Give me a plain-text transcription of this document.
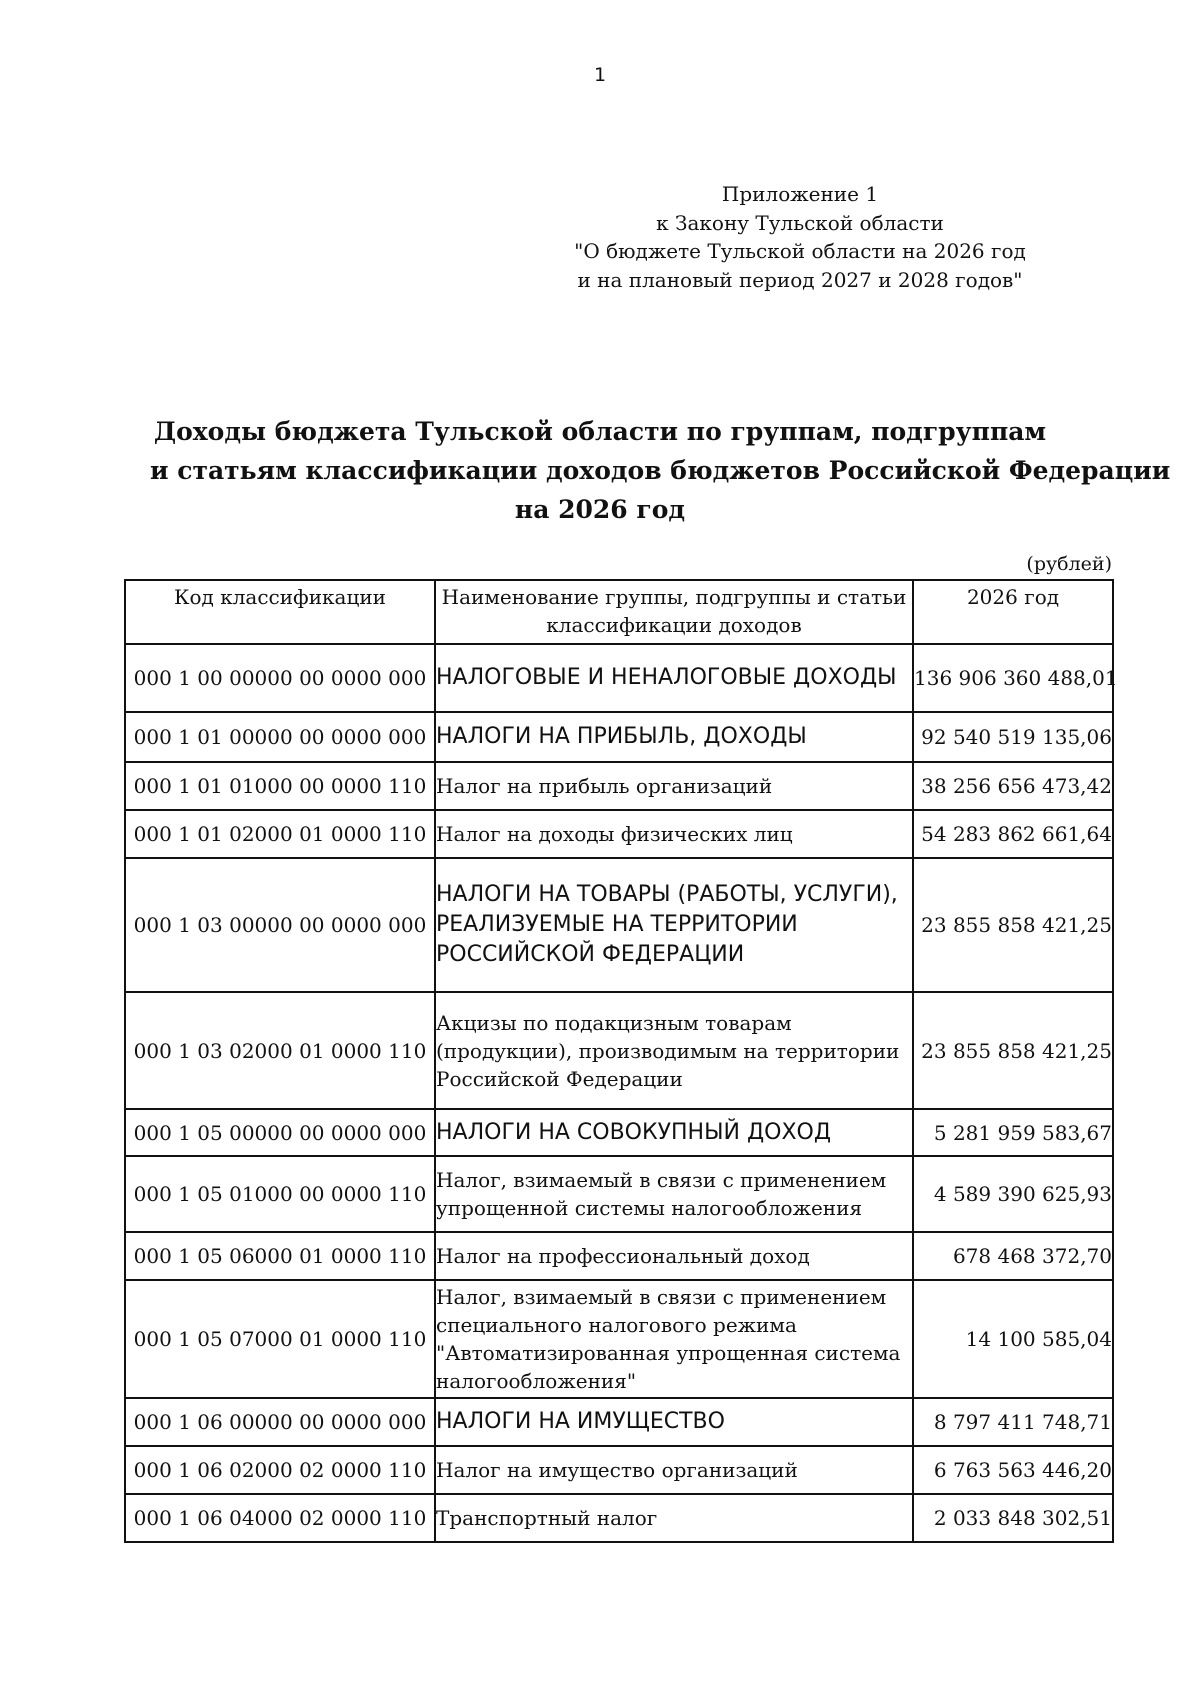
1
Приложение 1
к Закону Тульской области
"О бюджете Тульской области на 2026 год
и на плановый период 2027 и 2028 годов"
Доходы бюджета Тульской области по группам, подгруппам
и статьям классификации доходов бюджетов Российской Федерации
на 2026 год
(рублей)
Код классификации	Наименование группы, подгруппы и статьи классификации доходов	2026 год
000 1 00 00000 00 0000 000	НАЛОГОВЫЕ И НЕНАЛОГОВЫЕ ДОХОДЫ	136 906 360 488,01
000 1 01 00000 00 0000 000	НАЛОГИ НА ПРИБЫЛЬ, ДОХОДЫ	92 540 519 135,06
000 1 01 01000 00 0000 110	Налог на прибыль организаций	38 256 656 473,42
000 1 01 02000 01 0000 110	Налог на доходы физических лиц	54 283 862 661,64
000 1 03 00000 00 0000 000	НАЛОГИ НА ТОВАРЫ (РАБОТЫ, УСЛУГИ), РЕАЛИЗУЕМЫЕ НА ТЕРРИТОРИИ РОССИЙСКОЙ ФЕДЕРАЦИИ	23 855 858 421,25
000 1 03 02000 01 0000 110	Акцизы по подакцизным товарам (продукции), производимым на территории Российской Федерации	23 855 858 421,25
000 1 05 00000 00 0000 000	НАЛОГИ НА СОВОКУПНЫЙ ДОХОД	5 281 959 583,67
000 1 05 01000 00 0000 110	Налог, взимаемый в связи с применением упрощенной системы налогообложения	4 589 390 625,93
000 1 05 06000 01 0000 110	Налог на профессиональный доход	678 468 372,70
000 1 05 07000 01 0000 110	Налог, взимаемый в связи с применением специального налогового режима "Автоматизированная упрощенная система налогообложения"	14 100 585,04
000 1 06 00000 00 0000 000	НАЛОГИ НА ИМУЩЕСТВО	8 797 411 748,71
000 1 06 02000 02 0000 110	Налог на имущество организаций	6 763 563 446,20
000 1 06 04000 02 0000 110	Транспортный налог	2 033 848 302,51
